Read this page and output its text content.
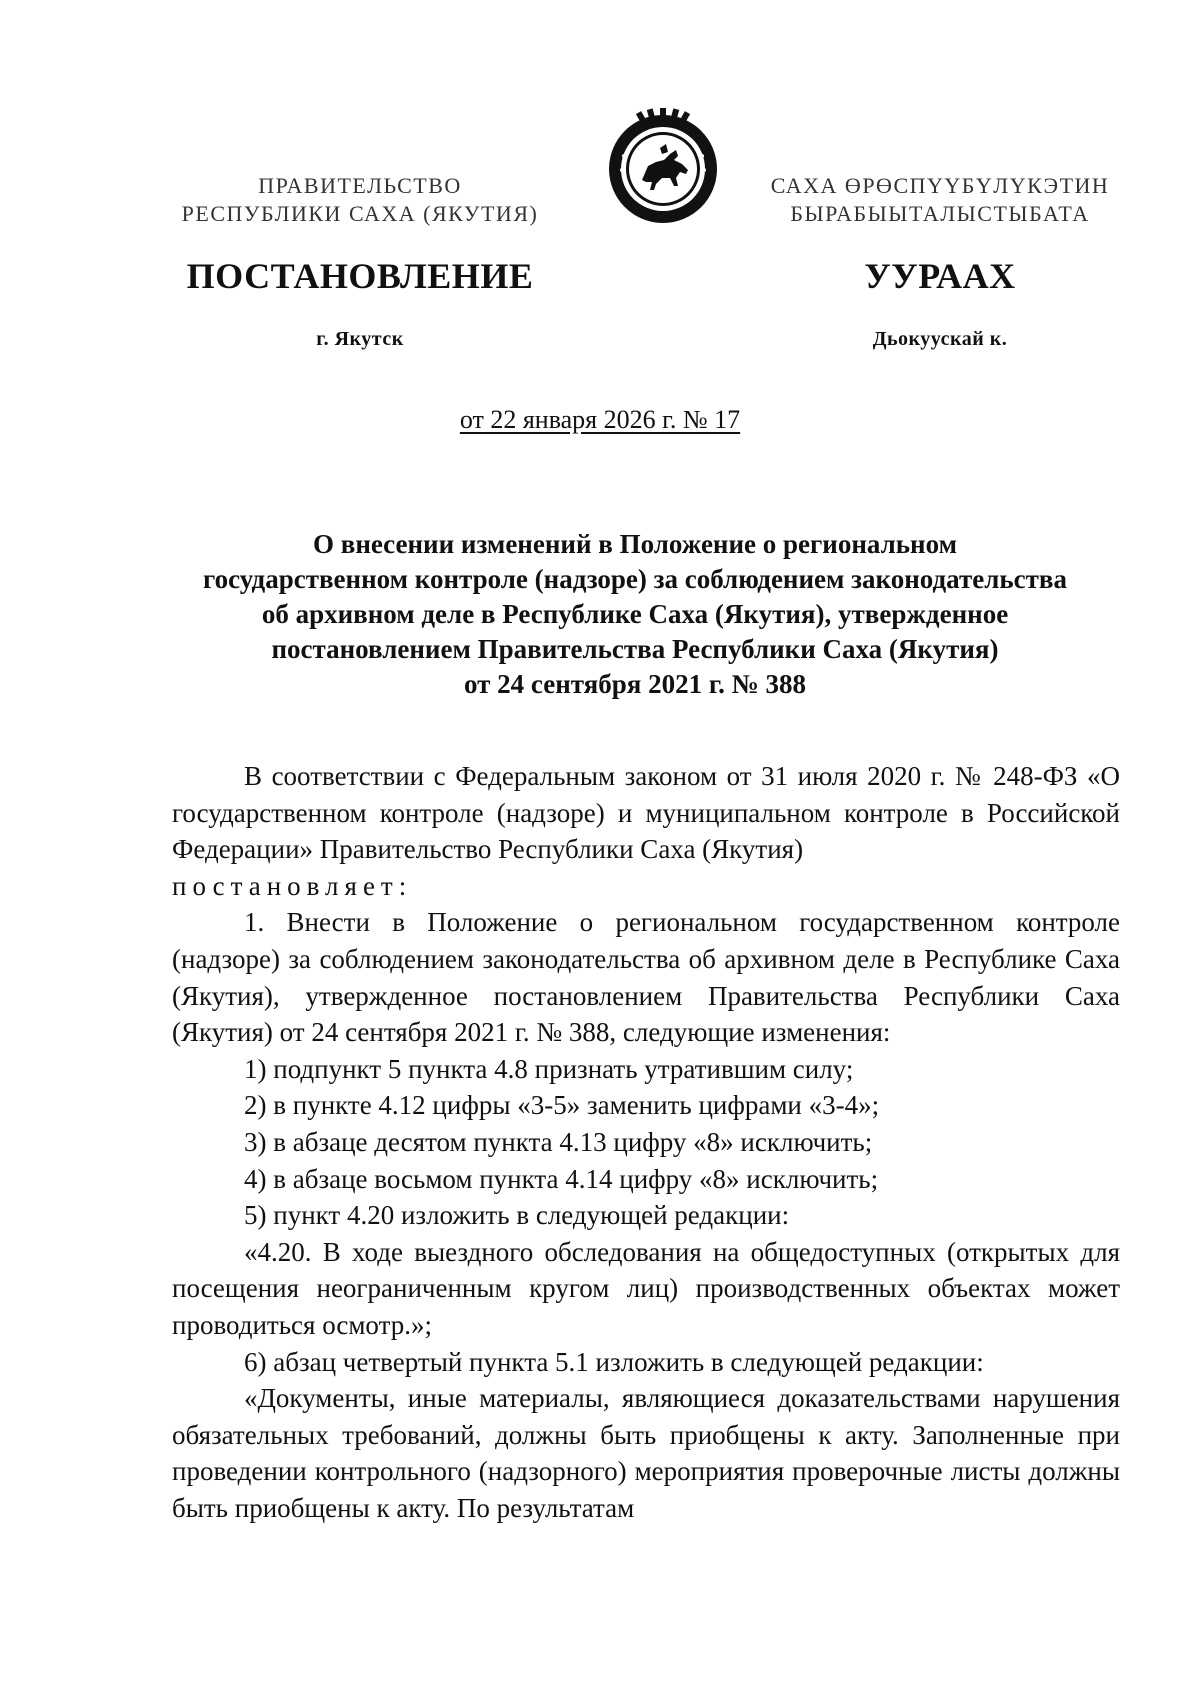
ПРАВИТЕЛЬСТВО
РЕСПУБЛИКИ САХА (ЯКУТИЯ)
САХА ӨРӨСПҮҮБҮЛҮКЭТИН
БЫРАБЫЫТАЛЫСТЫБАТА
ПОСТАНОВЛЕНИЕ	УУРААХ
г. Якутск	Дьокуускай к.
от 22 января 2026 г. № 17
О внесении изменений в Положение о региональном
государственном контроле (надзоре) за соблюдением законодательства
об архивном деле в Республике Саха (Якутия), утвержденное
постановлением Правительства Республики Саха (Якутия)
от 24 сентября 2021 г. № 388

В соответствии с Федеральным законом от 31 июля 2020 г. № 248-ФЗ «О государственном контроле (надзоре) и муниципальном контроле в Российской Федерации» Правительство Республики Саха (Якутия)

постановляет:

1. Внести в Положение о региональном государственном контроле (надзоре) за соблюдением законодательства об архивном деле в Республике Саха (Якутия), утвержденное постановлением Правительства Республики Саха (Якутия) от 24 сентября 2021 г. № 388, следующие изменения:

1) подпункт 5 пункта 4.8 признать утратившим силу;

2) в пункте 4.12 цифры «3-5» заменить цифрами «3-4»;

3) в абзаце десятом пункта 4.13 цифру «8» исключить;

4) в абзаце восьмом пункта 4.14 цифру «8» исключить;

5) пункт 4.20 изложить в следующей редакции:

«4.20. В ходе выездного обследования на общедоступных (открытых для посещения неограниченным кругом лиц) производственных объектах может проводиться осмотр.»;

6) абзац четвертый пункта 5.1 изложить в следующей редакции:

«Документы, иные материалы, являющиеся доказательствами нарушения обязательных требований, должны быть приобщены к акту. Заполненные при проведении контрольного (надзорного) мероприятия проверочные листы должны быть приобщены к акту. По результатам
